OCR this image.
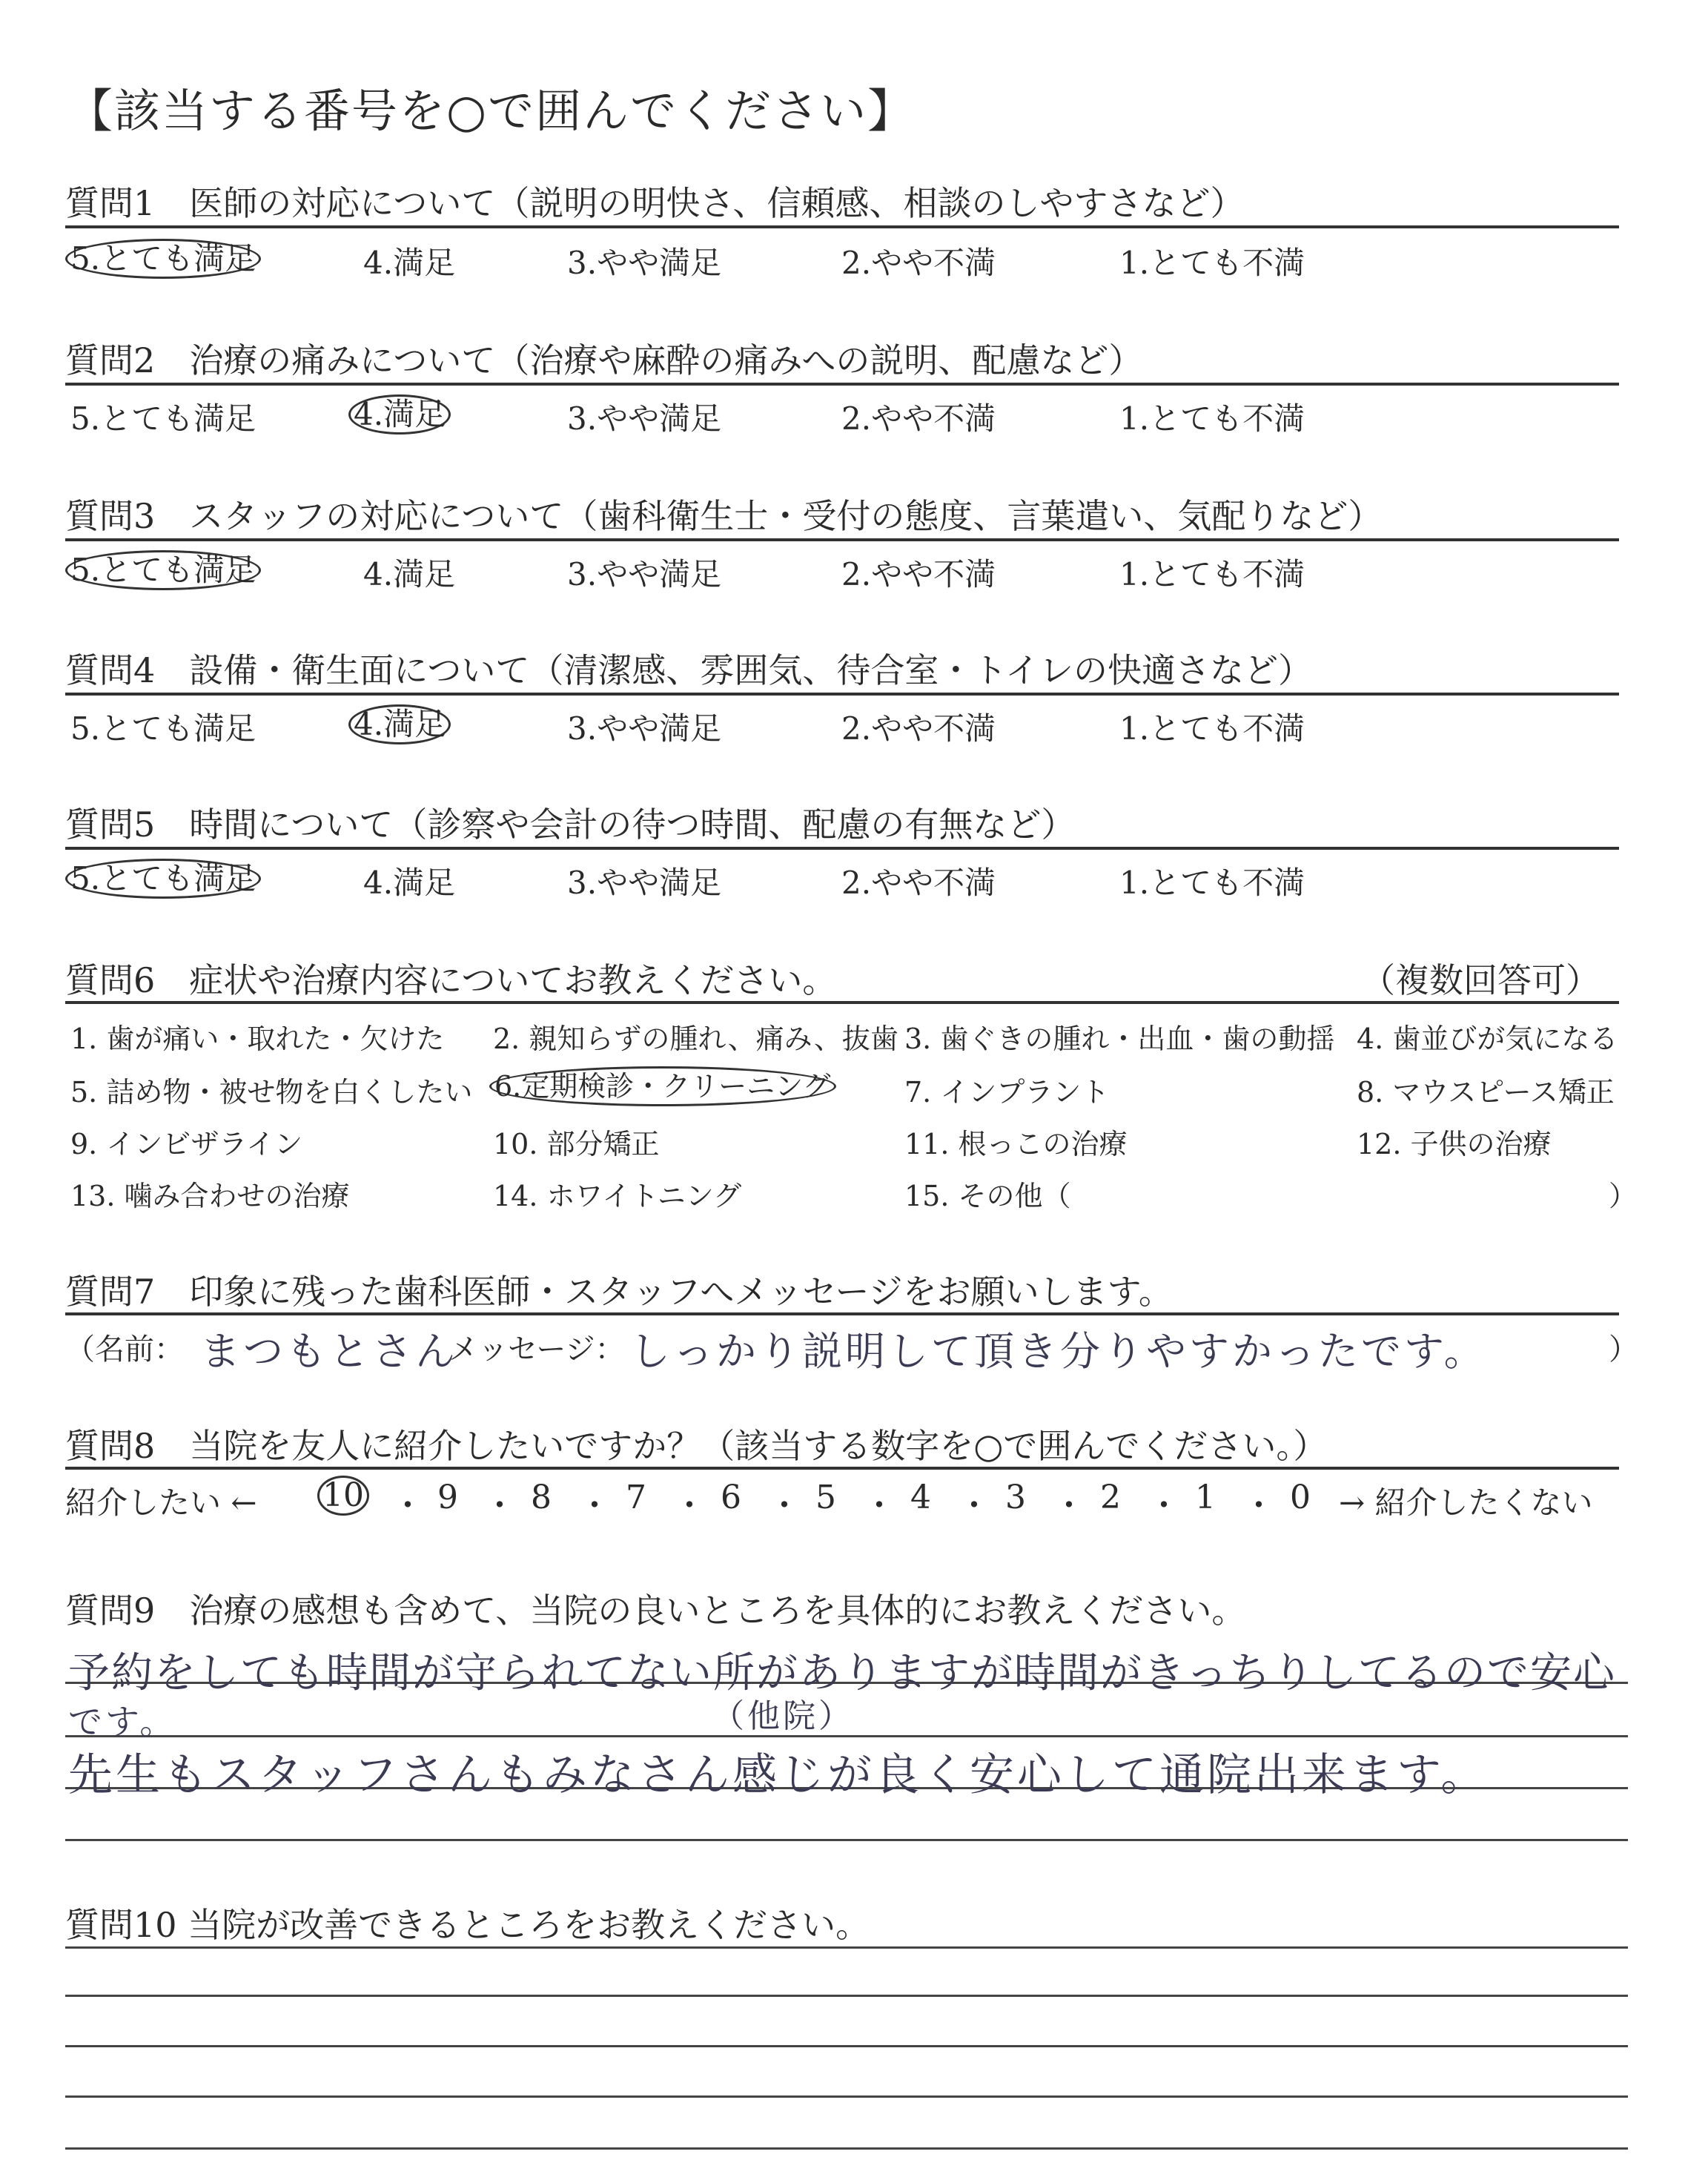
【該当する番号を○で囲んでください】
質問1　医師の対応について（説明の明快さ、信頼感、相談のしやすさなど）
5.とても満足	4.満足	3.やや満足	2.やや不満	1.とても不満
質問2　治療の痛みについて（治療や麻酔の痛みへの説明、配慮など）
5.とても満足	4.満足	3.やや満足	2.やや不満	1.とても不満
質問3　スタッフの対応について（歯科衛生士・受付の態度、言葉遣い、気配りなど）
5.とても満足	4.満足	3.やや満足	2.やや不満	1.とても不満
質問4　設備・衛生面について（清潔感、雰囲気、待合室・トイレの快適さなど）
5.とても満足	4.満足	3.やや満足	2.やや不満	1.とても不満
質問5　時間について（診察や会計の待つ時間、配慮の有無など）
5.とても満足	4.満足	3.やや満足	2.やや不満	1.とても不満
質問6　症状や治療内容についてお教えください。	（複数回答可）
1. 歯が痛い・取れた・欠けた 2. 親知らずの腫れ、痛み、抜歯 3. 歯ぐきの腫れ・出血・歯の動揺 4. 歯並びが気になる
5. 詰め物・被せ物を白くしたい 6.定期検診・クリーニング	7. インプラント	8. マウスピース矯正
9. インビザライン	10. 部分矯正	11. 根っこの治療	12. 子供の治療
13. 噛み合わせの治療	14. ホワイトニング	15. その他（	）
質問7　印象に残った歯科医師・スタッフへメッセージをお願いします。
（名前： まつもとさん
メッセージ： しっかり説明して頂き分りやすかったです。	）
質問8　当院を友人に紹介したいですか？（該当する数字を○で囲んでください。）
紹介したい ← 10 ・ 9 ・ 8 ・ 7 ・ 6 ・ 5 ・ 4 ・ 3 ・ 2 ・ 1 ・ 0 → 紹介したくない
質問9　治療の感想も含めて、当院の良いところを具体的にお教えください。
予約をしても時間が守られてない所がありますが時間がきっちりしてるので安心
です。	（他院）
先生もスタッフさんもみなさん感じが良く安心して通院出来ます。
質問10 当院が改善できるところをお教えください。
